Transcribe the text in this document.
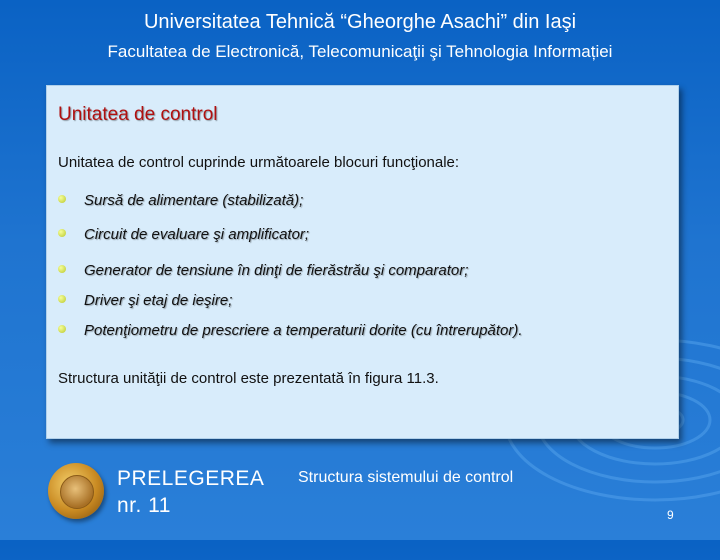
Universitatea Tehnică “Gheorghe Asachi” din Iaşi
Facultatea de Electronică, Telecomunicaţii şi Tehnologia Informației
Unitatea de control
Unitatea de control cuprinde următoarele blocuri funcţionale:
Sursă de alimentare (stabilizată);
Circuit de evaluare şi amplificator;
Generator de tensiune în dinţi de fierăstrău şi comparator;
Driver şi etaj de ieşire;
Potenţiometru de prescriere a temperaturii dorite (cu întrerupător).
Structura unităţii de control este prezentată în figura 11.3.
PRELEGEREA
nr. 11
Structura sistemului de control
9
